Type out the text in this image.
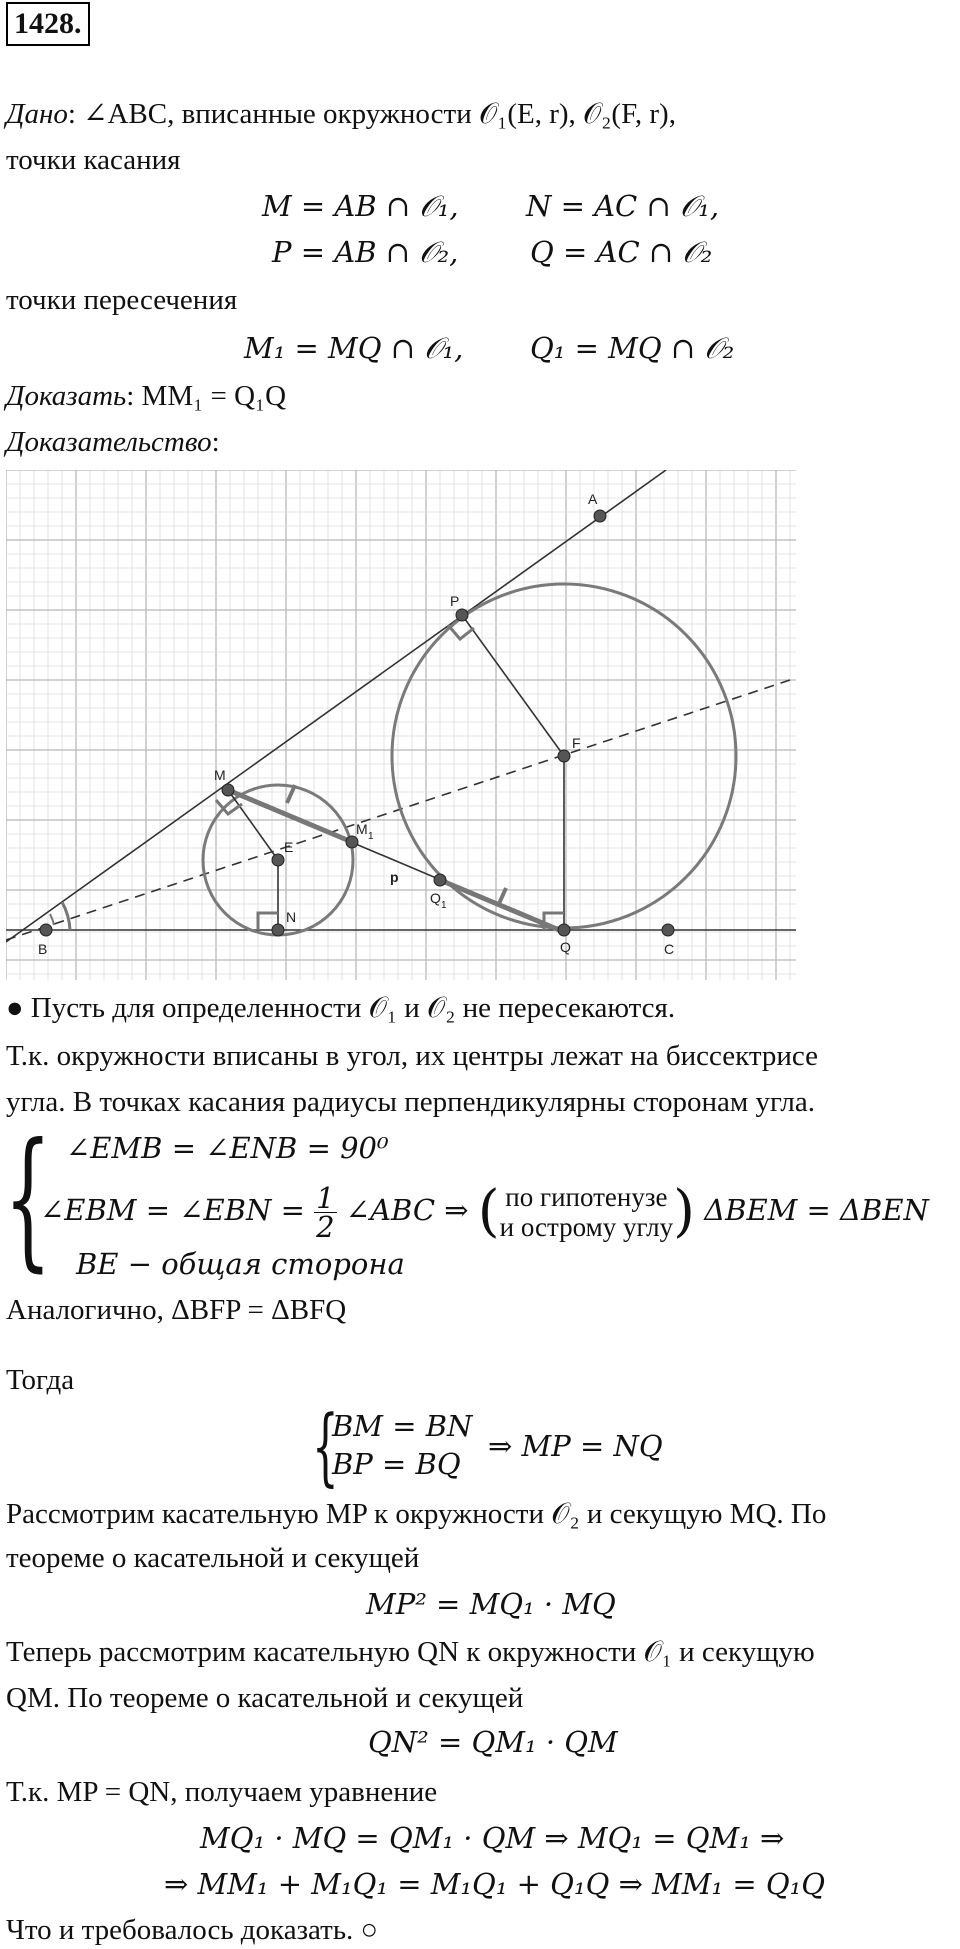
1428.
Дано: ∠ABC, вписанные окружности 𝒪₁(E, r), 𝒪₂(F, r),
точки касания
M = AB ∩ 𝒪₁, N = AC ∩ 𝒪₁,
P = AB ∩ 𝒪₂, Q = AC ∩ 𝒪₂
точки пересечения
M₁ = MQ ∩ 𝒪₁, Q₁ = MQ ∩ 𝒪₂
Доказать: MM₁ = Q₁Q
Доказательство:
A
P
F
M
E
M 1
p
Q 1
N
B	Q	C
● Пусть для определенности 𝒪₁ и 𝒪₂ не пересекаются.
Т.к. окружности вписаны в угол, их центры лежат на биссектрисе
угла. В точках касания радиусы перпендикулярны сторонам угла.
{ ∠EMB = ∠ENB = 90⁰
∠EBM = ∠EBN = $\frac{1}{2}$ ∠ABC ⇒ ( по гипотенузе
и острому углу ) ΔBEM = ΔBEN
BE − общая сторона
Аналогично, ΔBFP = ΔBFQ
Тогда
{
BM = BN
BP = BQ
⇒ MP = NQ
Рассмотрим касательную MP к окружности 𝒪₂ и секущую MQ. По
теореме о касательной и секущей
MP² = MQ₁ · MQ
Теперь рассмотрим касательную QN к окружности 𝒪₁ и секущую
QM. По теореме о касательной и секущей
QN² = QM₁ · QM
Т.к. MP = QN, получаем уравнение
MQ₁ · MQ = QM₁ · QM ⇒ MQ₁ = QM₁ ⇒
⇒ MM₁ + M₁Q₁ = M₁Q₁ + Q₁Q ⇒ MM₁ = Q₁Q
Что и требовалось доказать. ○
